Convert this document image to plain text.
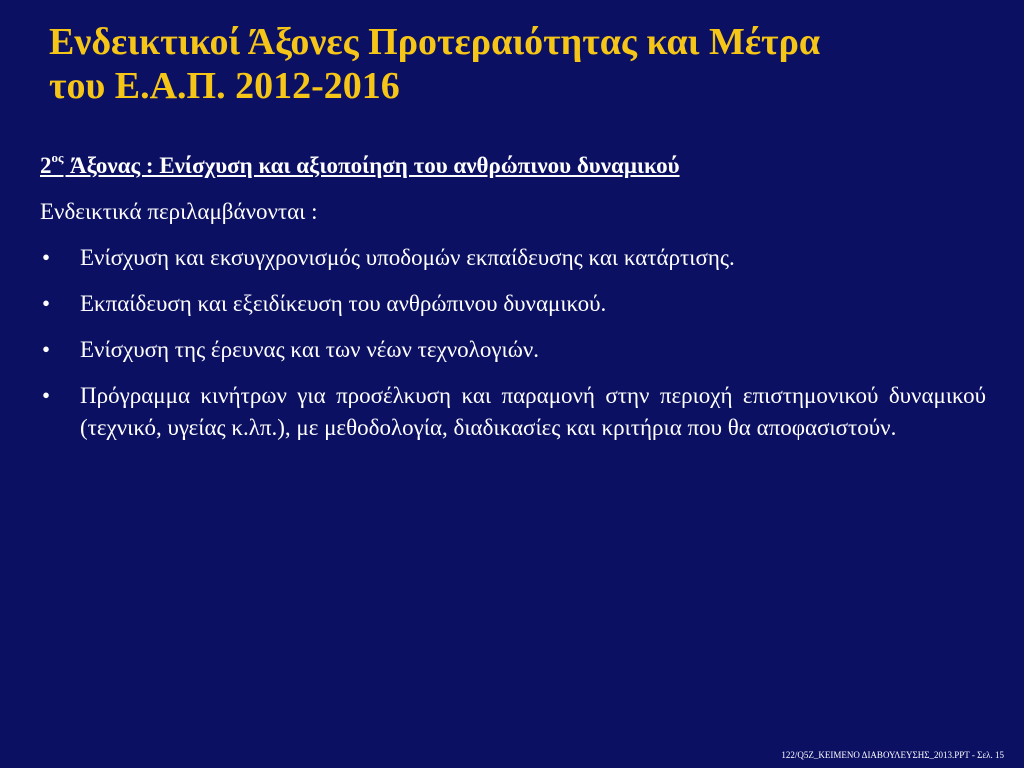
Ενδεικτικοί Άξονες Προτεραιότητας και Μέτρα
του Ε.Α.Π. 2012-2016

$2^{o\varsigma}$ Άξονας : Ενίσχυση και αξιοποίηση του ανθρώπινου δυναμικού

Ενδεικτικά περιλαμβάνονται :

• Ενίσχυση και εκσυγχρονισμός υποδομών εκπαίδευσης και κατάρτισης.
• Εκπαίδευση και εξειδίκευση του ανθρώπινου δυναμικού.
• Ενίσχυση της έρευνας και των νέων τεχνολογιών.
• Πρόγραμμα κινήτρων για προσέλκυση και παραμονή στην περιοχή επιστημονικού δυναμικού (τεχνικό, υγείας κ.λπ.), με μεθοδολογία, διαδικασίες και κριτήρια που θα αποφασιστούν.
122/Q5Z_ΚΕΙΜΕΝΟ ΔΙΑΒΟΥΛΕΥΣΗΣ_2013.PPT - Σελ. 15
